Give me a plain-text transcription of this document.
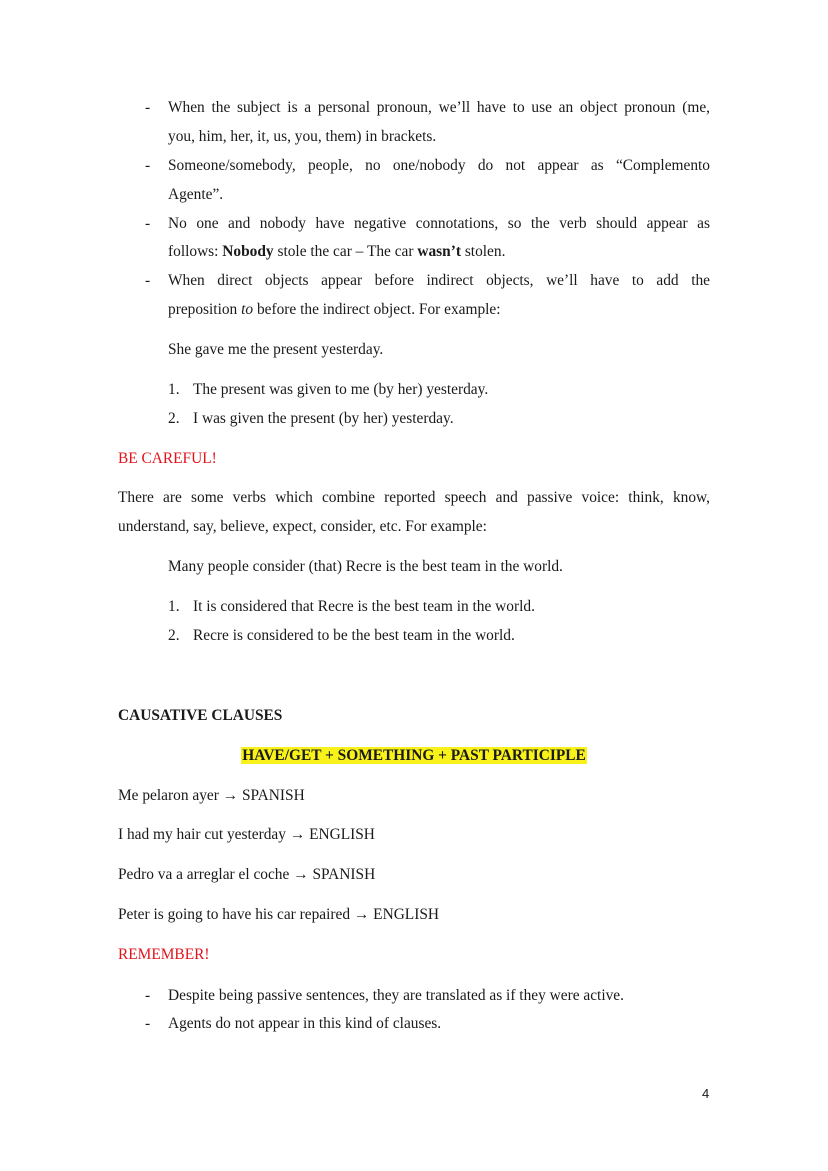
- When the subject is a personal pronoun, we’ll have to use an object pronoun (me,
you, him, her, it, us, you, them) in brackets.
- Someone/somebody, people, no one/nobody do not appear as “Complemento
Agente”.
- No one and nobody have negative connotations, so the verb should appear as
follows: Nobody stole the car – The car wasn’t stolen.
- When direct objects appear before indirect objects, we’ll have to add the
preposition to before the indirect object. For example:
She gave me the present yesterday.
1. The present was given to me (by her) yesterday.
2. I was given the present (by her) yesterday.
BE CAREFUL!
There are some verbs which combine reported speech and passive voice: think, know,
understand, say, believe, expect, consider, etc. For example:
Many people consider (that) Recre is the best team in the world.
1. It is considered that Recre is the best team in the world.
2. Recre is considered to be the best team in the world.
CAUSATIVE CLAUSES
HAVE/GET + SOMETHING + PAST PARTICIPLE
Me pelaron ayer → SPANISH
I had my hair cut yesterday → ENGLISH
Pedro va a arreglar el coche → SPANISH
Peter is going to have his car repaired → ENGLISH
REMEMBER!
- Despite being passive sentences, they are translated as if they were active.
- Agents do not appear in this kind of clauses.
4
